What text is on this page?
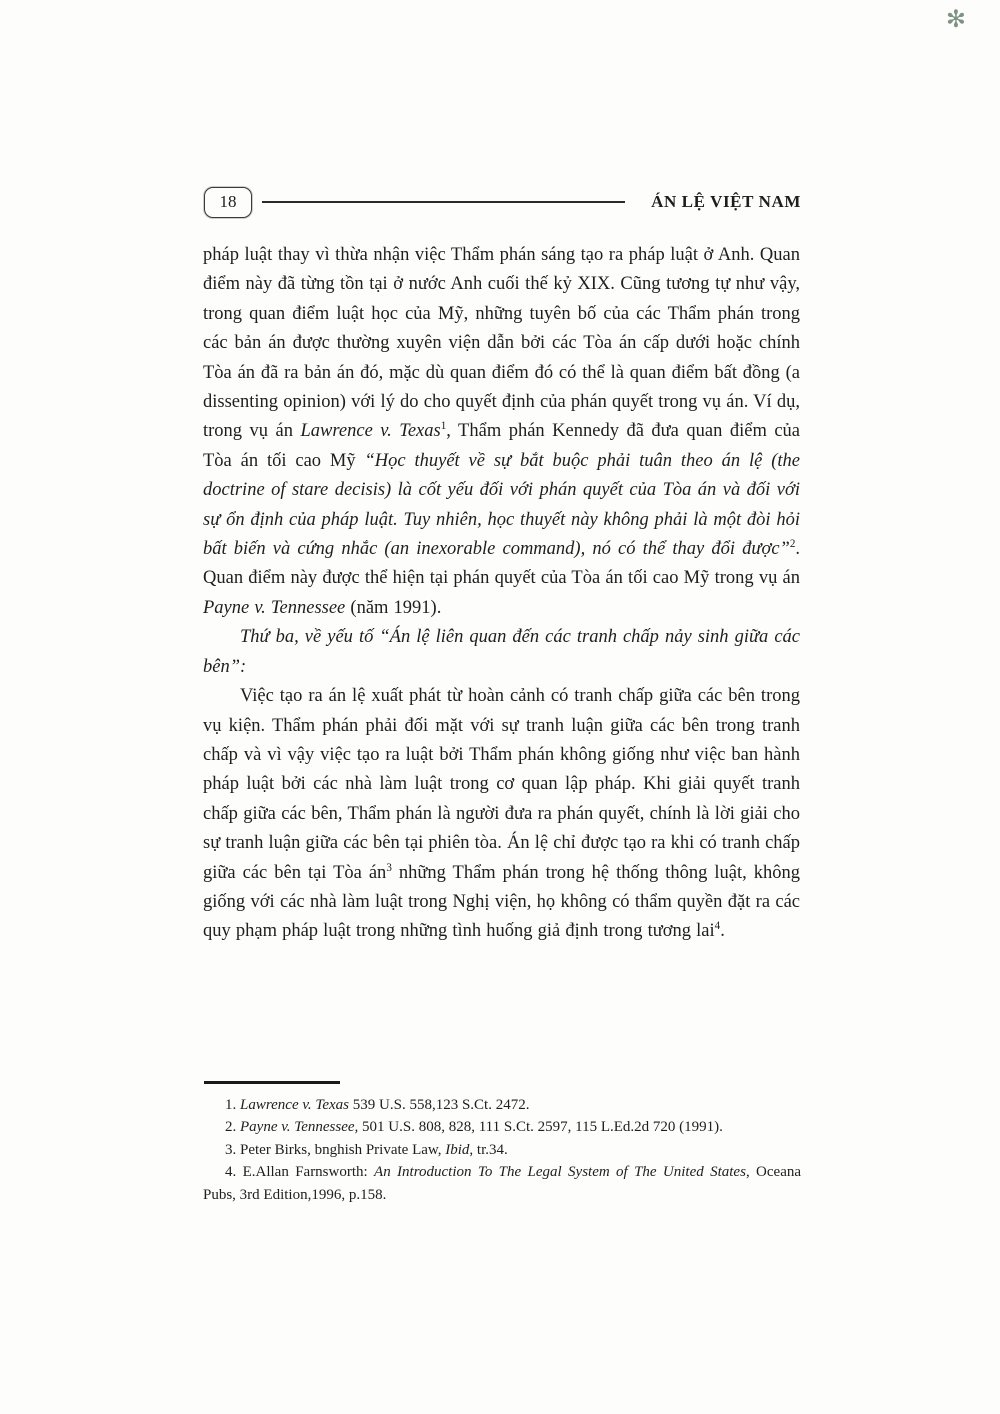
✻
18	ÁN LỆ VIỆT NAM

pháp luật thay vì thừa nhận việc Thẩm phán sáng tạo ra pháp luật ở Anh. Quan điểm này đã từng tồn tại ở nước Anh cuối thế kỷ XIX. Cũng tương tự như vậy, trong quan điểm luật học của Mỹ, những tuyên bố của các Thẩm phán trong các bản án được thường xuyên viện dẫn bởi các Tòa án cấp dưới hoặc chính Tòa án đã ra bản án đó, mặc dù quan điểm đó có thể là quan điểm bất đồng (a dissenting opinion) với lý do cho quyết định của phán quyết trong vụ án. Ví dụ, trong vụ án Lawrence v. Texas$^1$, Thẩm phán Kennedy đã đưa quan điểm của Tòa án tối cao Mỹ “Học thuyết về sự bắt buộc phải tuân theo án lệ (the doctrine of stare decisis) là cốt yếu đối với phán quyết của Tòa án và đối với sự ổn định của pháp luật. Tuy nhiên, học thuyết này không phải là một đòi hỏi bất biến và cứng nhắc (an inexorable command), nó có thể thay đổi được”$^2$. Quan điểm này được thể hiện tại phán quyết của Tòa án tối cao Mỹ trong vụ án Payne v. Tennessee (năm 1991).

Thứ ba, về yếu tố “Án lệ liên quan đến các tranh chấp nảy sinh giữa các bên”:

Việc tạo ra án lệ xuất phát từ hoàn cảnh có tranh chấp giữa các bên trong vụ kiện. Thẩm phán phải đối mặt với sự tranh luận giữa các bên trong tranh chấp và vì vậy việc tạo ra luật bởi Thẩm phán không giống như việc ban hành pháp luật bởi các nhà làm luật trong cơ quan lập pháp. Khi giải quyết tranh chấp giữa các bên, Thẩm phán là người đưa ra phán quyết, chính là lời giải cho sự tranh luận giữa các bên tại phiên tòa. Án lệ chỉ được tạo ra khi có tranh chấp giữa các bên tại Tòa $án^3$ những Thẩm phán trong hệ thống thông luật, không giống với các nhà làm luật trong Nghị viện, họ không có thẩm quyền đặt ra các quy phạm pháp luật trong những tình huống giả định trong tương lai$^4$.

1. Lawrence v. Texas 539 U.S. 558,123 S.Ct. 2472.

2. Payne v. Tennessee, 501 U.S. 808, 828, 111 S.Ct. 2597, 115 L.Ed.2d 720 (1991).

3. Peter Birks, bnghish Private Law, Ibid, tr.34.

4. E.Allan Farnsworth: An Introduction To The Legal System of The United States, Oceana Pubs, 3rd Edition,1996, p.158.
